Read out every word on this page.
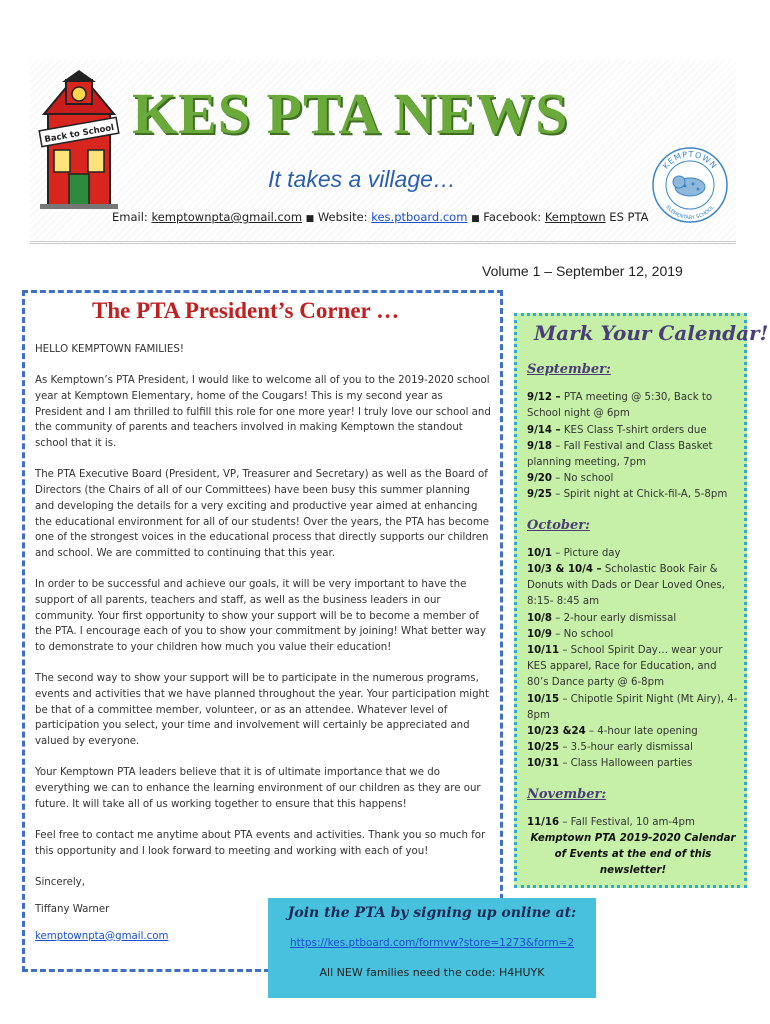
Back to School KES PTA NEWS
It takes a village…
Email: kemptownpta@gmail.com ■ Website: kes.ptboard.com ■ Facebook: Kemptown ES PTA
KEMPTOWN
ELEMENTARY SCHOOL
Volume 1 – September 12, 2019
The PTA President’s Corner …

HELLO KEMPTOWN FAMILIES!

As Kemptown’s PTA President, I would like to welcome all of you to the 2019-2020 school year at Kemptown Elementary, home of the Cougars! This is my second year as President and I am thrilled to fulfill this role for one more year! I truly love our school and the community of parents and teachers involved in making Kemptown the standout school that it is.

The PTA Executive Board (President, VP, Treasurer and Secretary) as well as the Board of Directors (the Chairs of all of our Committees) have been busy this summer planning and developing the details for a very exciting and productive year aimed at enhancing the educational environment for all of our students! Over the years, the PTA has become one of the strongest voices in the educational process that directly supports our children and school. We are committed to continuing that this year.

In order to be successful and achieve our goals, it will be very important to have the support of all parents, teachers and staff, as well as the business leaders in our community. Your first opportunity to show your support will be to become a member of the PTA. I encourage each of you to show your commitment by joining! What better way to demonstrate to your children how much you value their education!

The second way to show your support will be to participate in the numerous programs, events and activities that we have planned throughout the year. Your participation might be that of a committee member, volunteer, or as an attendee. Whatever level of participation you select, your time and involvement will certainly be appreciated and valued by everyone.

Your Kemptown PTA leaders believe that it is of ultimate importance that we do everything we can to enhance the learning environment of our children as they are our future. It will take all of us working together to ensure that this happens!

Feel free to contact me anytime about PTA events and activities. Thank you so much for this opportunity and I look forward to meeting and working with each of you!

Sincerely,

Tiffany Warner

kemptownpta@gmail.com

Mark Your Calendar!
September:
9/12 – PTA meeting @ 5:30, Back to School night @ 6pm
9/14 – KES Class T-shirt orders due
9/18 – Fall Festival and Class Basket planning meeting, 7pm
9/20 – No school
9/25 – Spirit night at Chick-fil-A, 5-8pm
October:
10/1 – Picture day
10/3 & 10/4 – Scholastic Book Fair & Donuts with Dads or Dear Loved Ones, 8:15- 8:45 am
10/8 – 2-hour early dismissal
10/9 – No school
10/11 – School Spirit Day… wear your KES apparel, Race for Education, and 80’s Dance party @ 6-8pm
10/15 – Chipotle Spirit Night (Mt Airy), 4-8pm
10/23 &24 – 4-hour late opening
10/25 – 3.5-hour early dismissal
10/31 – Class Halloween parties
November:
11/16 – Fall Festival, 10 am-4pm
Kemptown PTA 2019-2020 Calendar of Events at the end of this newsletter!
Join the PTA by signing up online at:
https://kes.ptboard.com/formvw?store=1273&form=2
All NEW families need the code: H4HUYK
